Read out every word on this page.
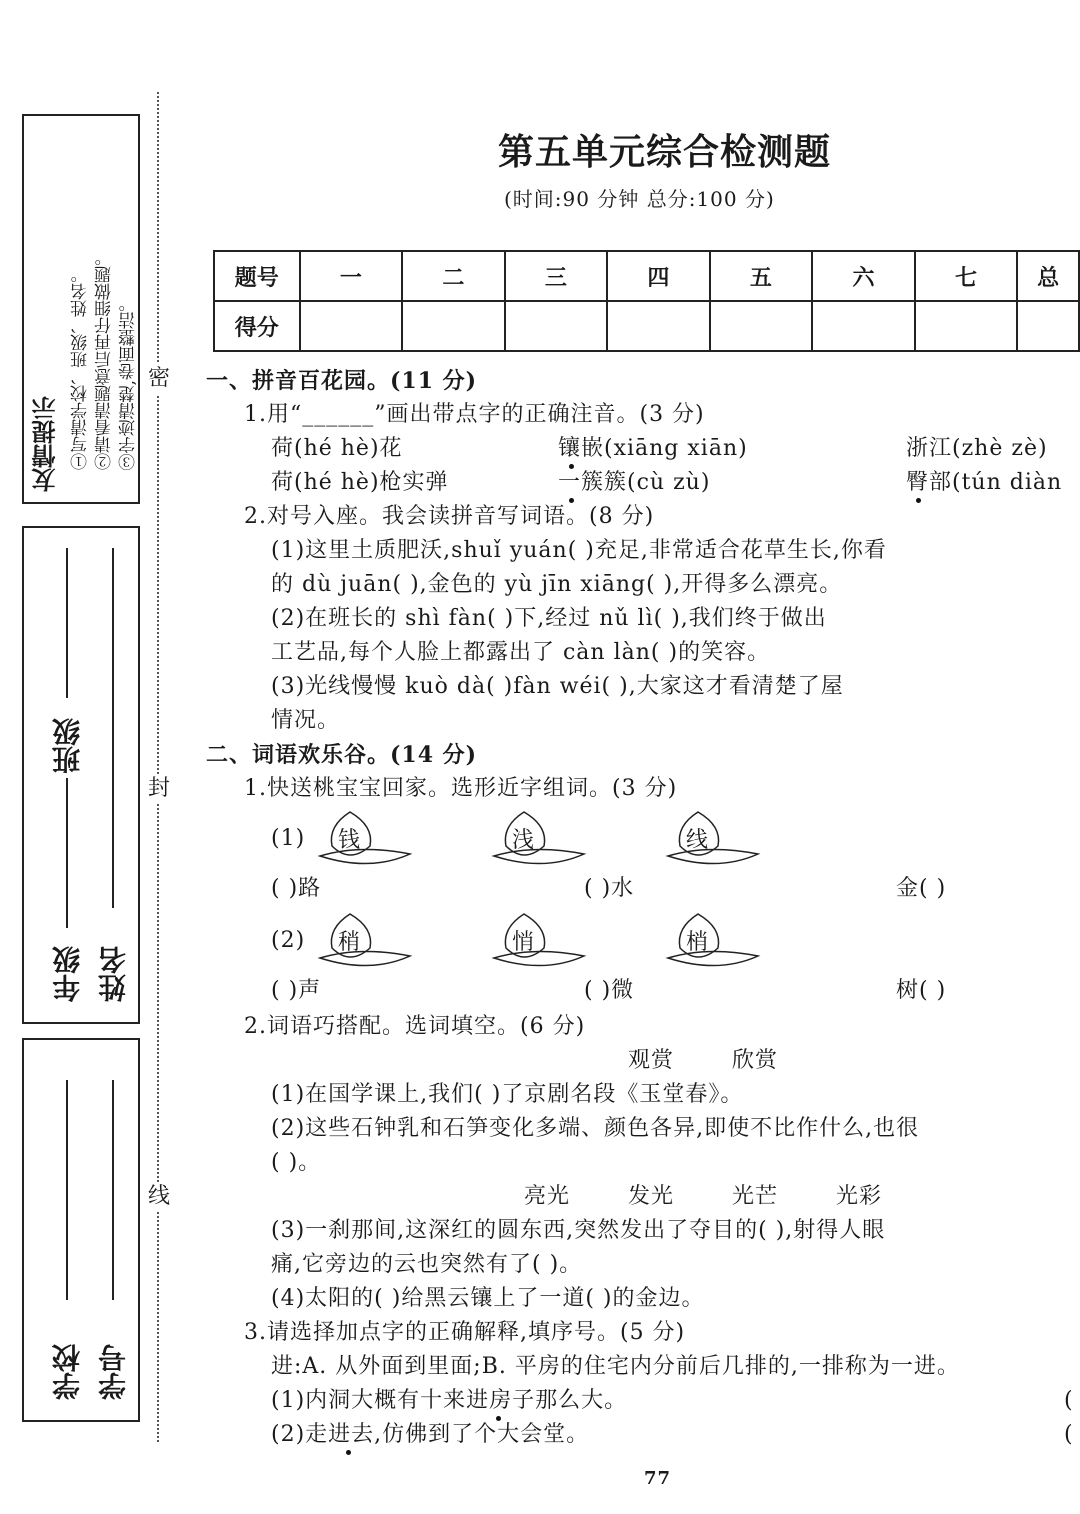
友情提示 ①写清学校、班级、姓名。 ②请看清题意后再仔细做题。 ③字迹清楚,卷面整洁。
年级
班级
姓名
学校 学号
密
封
线
第五单元综合检测题
(时间:90 分钟 总分:100 分)
题号	一	二	三	四	五	六	七	总
得分								
一、拼音百花园。(11 分)
1.用“______”画出带点字的正确注音。(3 分)
荷(hé hè)花	镶嵌(xiāng xiān)	浙江(zhè zè)
荷(hé hè)枪实弹	一簇簇(cù zù)	臀部(tún diàn
2.对号入座。我会读拼音写词语。(8 分)
(1)这里土质肥沃,shuǐ yuán( )充足,非常适合花草生长,你看
的 dù juān( ),金色的 yù jīn xiāng( ),开得多么漂亮。
(2)在班长的 shì fàn( )下,经过 nǔ lì( ),我们终于做出
工艺品,每个人脸上都露出了 càn làn( )的笑容。
(3)光线慢慢 kuò dà( )fàn wéi( ),大家这才看清楚了屋
情况。
二、词语欢乐谷。(14 分)
1.快送桃宝宝回家。选形近字组词。(3 分)
(1) 钱	浅	线
( )路	( )水	金( )
(2) 稍	悄	梢
( )声	( )微	树( )
2.词语巧搭配。选词填空。(6 分)
观赏	欣赏
(1)在国学课上,我们( )了京剧名段《玉堂春》。
(2)这些石钟乳和石笋变化多端、颜色各异,即使不比作什么,也很
( )。
亮光	发光	光芒	光彩
(3)一刹那间,这深红的圆东西,突然发出了夺目的( ),射得人眼
痛,它旁边的云也突然有了( )。
(4)太阳的( )给黑云镶上了一道( )的金边。
3.请选择加点字的正确解释,填序号。(5 分)
进:A. 从外面到里面;B. 平房的住宅内分前后几排的,一排称为一进。
(1)内洞大概有十来进房子那么大。
(2)走进去,仿佛到了个大会堂。
(
(
77
